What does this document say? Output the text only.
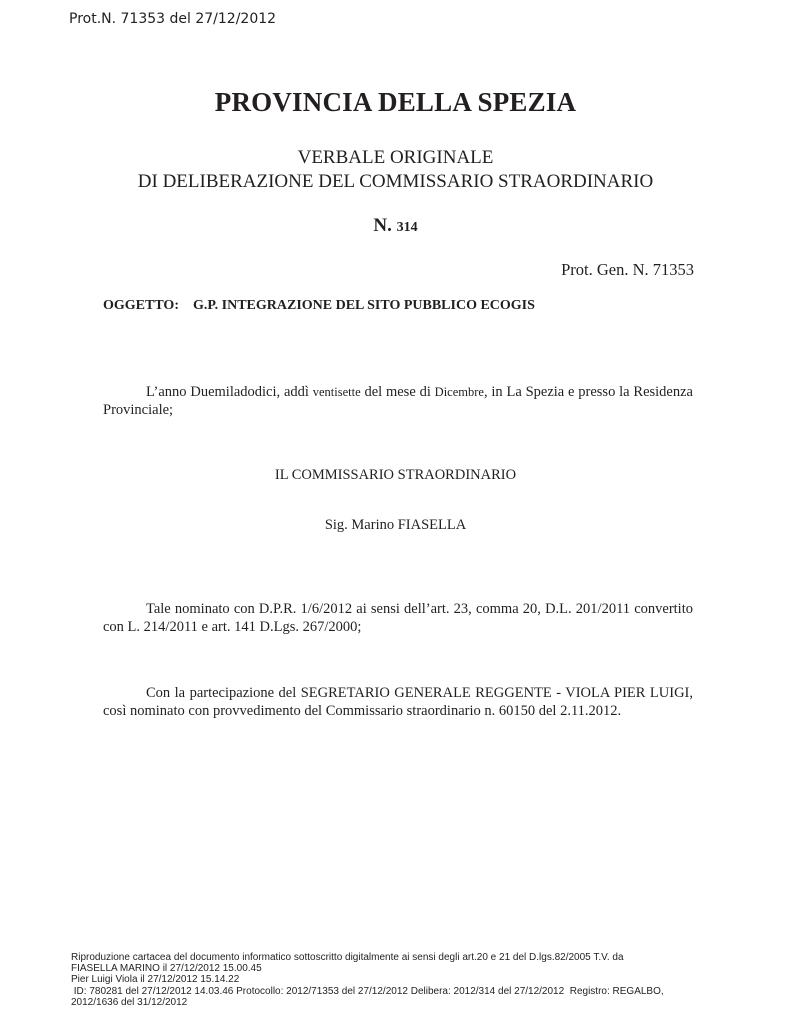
Prot.N. 71353 del 27/12/2012
PROVINCIA DELLA SPEZIA
VERBALE ORIGINALE
DI DELIBERAZIONE DEL COMMISSARIO STRAORDINARIO
N. 314
Prot. Gen. N. 71353
OGGETTO: G.P. INTEGRAZIONE DEL SITO PUBBLICO ECOGIS
L’anno Duemiladodici, addì ventisette del mese di Dicembre, in La Spezia e presso la Residenza Provinciale;
IL COMMISSARIO STRAORDINARIO
Sig. Marino FIASELLA
Tale nominato con D.P.R. 1/6/2012 ai sensi dell’art. 23, comma 20, D.L. 201/2011 convertito con L. 214/2011 e art. 141 D.Lgs. 267/2000;
Con la partecipazione del SEGRETARIO GENERALE REGGENTE - VIOLA PIER LUIGI, così nominato con provvedimento del Commissario straordinario n. 60150 del 2.11.2012.
Riproduzione cartacea del documento informatico sottoscritto digitalmente ai sensi degli art.20 e 21 del D.lgs.82/2005 T.V. da
FIASELLA MARINO il 27/12/2012 15.00.45
Pier Luigi Viola il 27/12/2012 15.14.22
ID: 780281 del 27/12/2012 14.03.46 Protocollo: 2012/71353 del 27/12/2012 Delibera: 2012/314 del 27/12/2012  Registro: REGALBO,
2012/1636 del 31/12/2012
